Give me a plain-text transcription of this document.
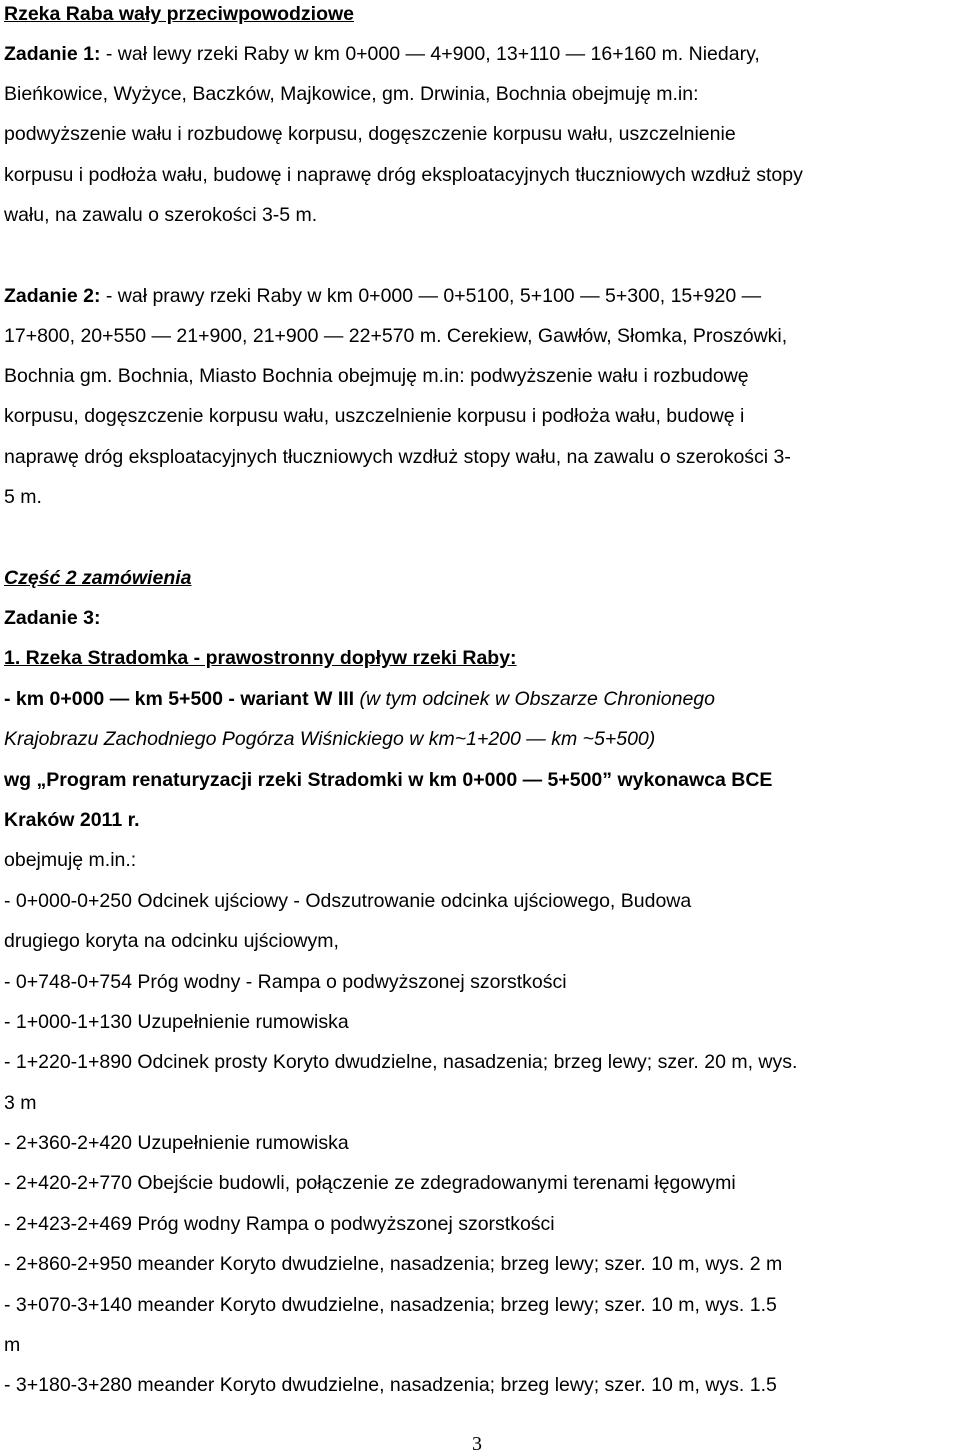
Rzeka Raba wały przeciwpowodziowe
Zadanie 1: - wał lewy rzeki Raby w km 0+000 — 4+900, 13+110 — 16+160 m. Niedary,
Bieńkowice, Wyżyce, Baczków, Majkowice, gm. Drwinia, Bochnia obejmuję m.in:
podwyższenie wału i rozbudowę korpusu, dogęszczenie korpusu wału, uszczelnienie
korpusu i podłoża wału, budowę i naprawę dróg eksploatacyjnych tłuczniowych wzdłuż stopy
wału, na zawalu o szerokości 3-5 m.
Zadanie 2: - wał prawy rzeki Raby w km 0+000 — 0+5100, 5+100 — 5+300, 15+920 —
17+800, 20+550 — 21+900, 21+900 — 22+570 m. Cerekiew, Gawłów, Słomka, Proszówki,
Bochnia gm. Bochnia, Miasto Bochnia obejmuję m.in: podwyższenie wału i rozbudowę
korpusu, dogęszczenie korpusu wału, uszczelnienie korpusu i podłoża wału, budowę i
naprawę dróg eksploatacyjnych tłuczniowych wzdłuż stopy wału, na zawalu o szerokości 3-
5 m.
Część 2 zamówienia
Zadanie 3:
1. Rzeka Stradomka - prawostronny dopływ rzeki Raby:
- km 0+000 — km 5+500 - wariant W III (w tym odcinek w Obszarze Chronionego
Krajobrazu Zachodniego Pogórza Wiśnickiego w km~1+200 — km ~5+500)
wg „Program renaturyzacji rzeki Stradomki w km 0+000 — 5+500” wykonawca BCE
Kraków 2011 r.
obejmuję m.in.:
- 0+000-0+250 Odcinek ujściowy - Odszutrowanie odcinka ujściowego, Budowa
drugiego koryta na odcinku ujściowym,
- 0+748-0+754 Próg wodny - Rampa o podwyższonej szorstkości
- 1+000-1+130 Uzupełnienie rumowiska
- 1+220-1+890 Odcinek prosty Koryto dwudzielne, nasadzenia; brzeg lewy; szer. 20 m, wys.
3 m
- 2+360-2+420 Uzupełnienie rumowiska
- 2+420-2+770 Obejście budowli, połączenie ze zdegradowanymi terenami łęgowymi
- 2+423-2+469 Próg wodny Rampa o podwyższonej szorstkości
- 2+860-2+950 meander Koryto dwudzielne, nasadzenia; brzeg lewy; szer. 10 m, wys. 2 m
- 3+070-3+140 meander Koryto dwudzielne, nasadzenia; brzeg lewy; szer. 10 m, wys. 1.5
m
- 3+180-3+280 meander Koryto dwudzielne, nasadzenia; brzeg lewy; szer. 10 m, wys. 1.5
3
